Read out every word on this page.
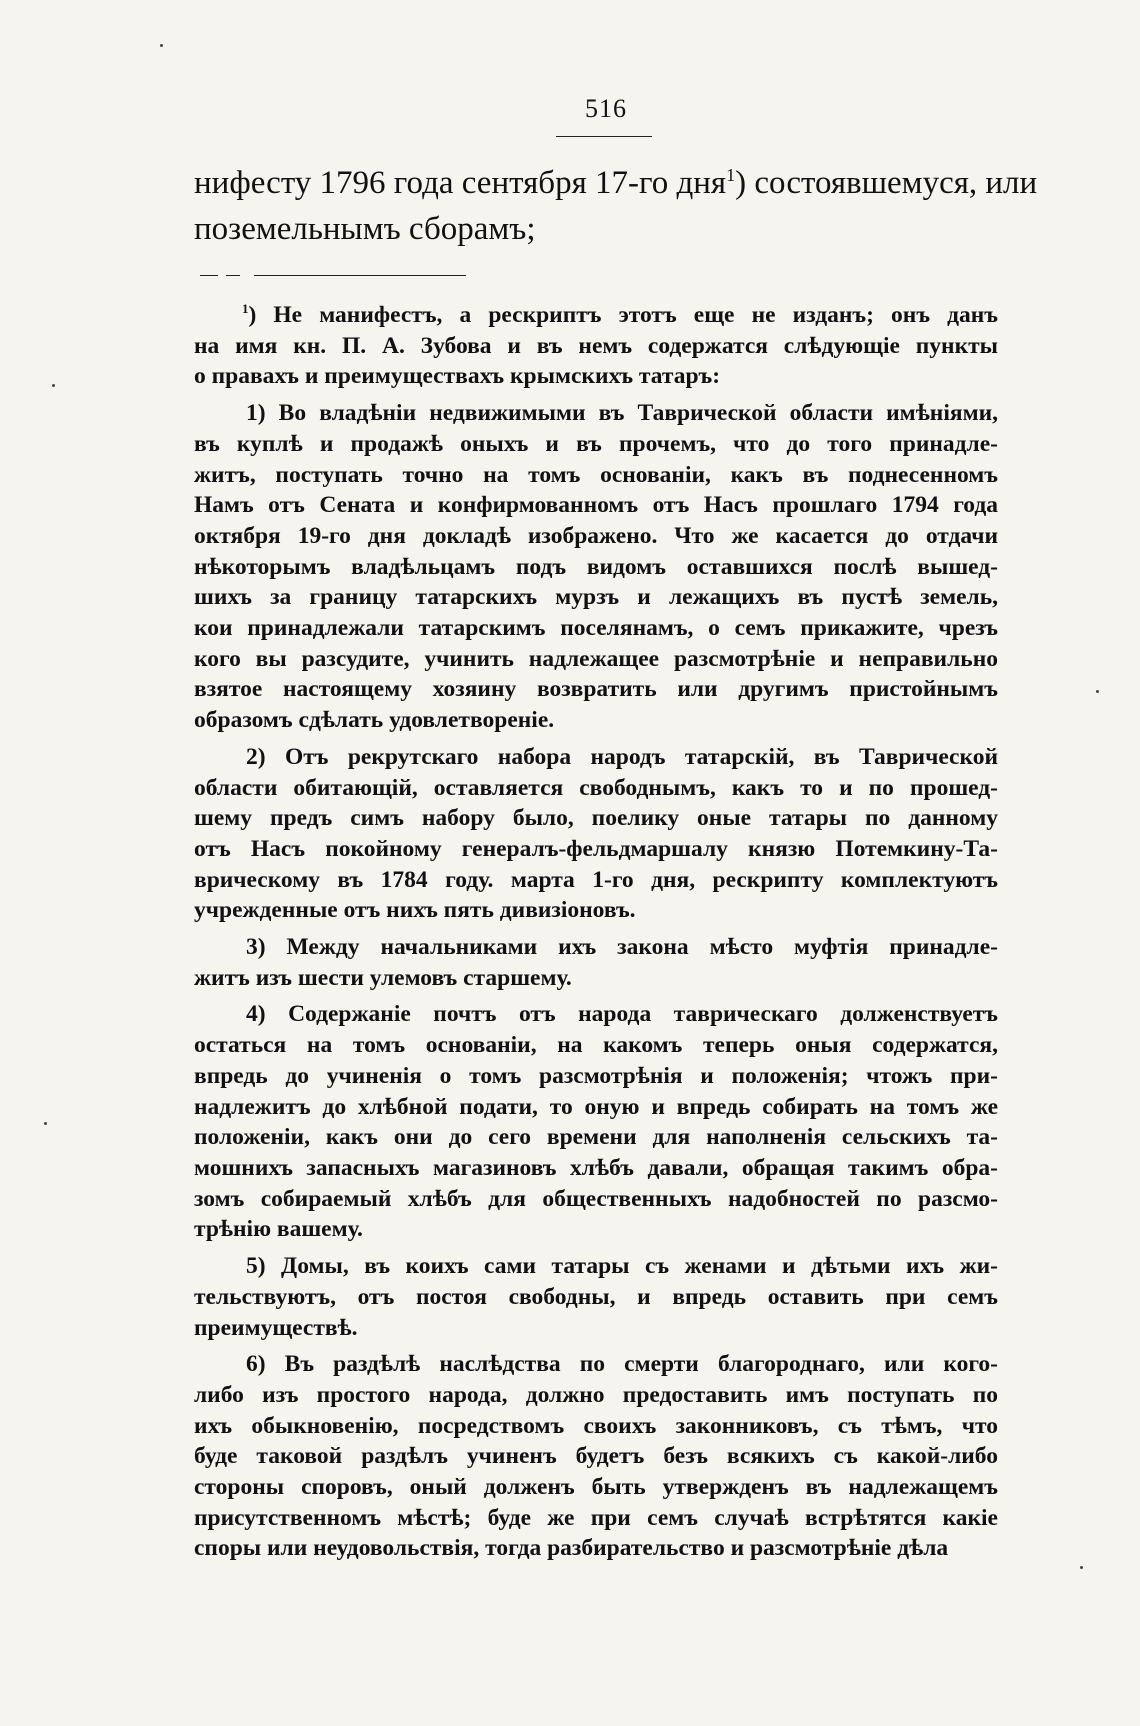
516
нифесту 1796 года сентября 17-го дня$^1$) состоявшемуся, или
поземельнымъ сборамъ;
$^1$) Не манифестъ, а рескриптъ этотъ еще не изданъ; онъ данъ
на имя кн. П. А. Зубова и въ немъ содержатся слѣдующіе пункты
о правахъ и преимуществахъ крымскихъ татаръ:
1) Во владѣніи недвижимыми въ Таврической области имѣніями,
въ куплѣ и продажѣ оныхъ и въ прочемъ, что до того принадле-
житъ, поступать точно на томъ основаніи, какъ въ поднесенномъ
Намъ отъ Сената и конфирмованномъ отъ Насъ прошлаго 1794 года
октября 19-го дня докладѣ изображено. Что же касается до отдачи
нѣкоторымъ владѣльцамъ подъ видомъ оставшихся послѣ вышед-
шихъ за границу татарскихъ мурзъ и лежащихъ въ пустѣ земель,
кои принадлежали татарскимъ поселянамъ, о семъ прикажите, чрезъ
кого вы разсудите, учинить надлежащее разсмотрѣніе и неправильно
взятое настоящему хозяину возвратить или другимъ пристойнымъ
образомъ сдѣлать удовлетвореніе.
2) Отъ рекрутскаго набора народъ татарскій, въ Таврической
области обитающій, оставляется свободнымъ, какъ то и по прошед-
шему предъ симъ набору было, поелику оные татары по данному
отъ Насъ покойному генералъ-фельдмаршалу князю Потемкину-Та-
врическому въ 1784 году. марта 1-го дня, рескрипту комплектуютъ
учрежденные отъ нихъ пять дивизіоновъ.
3) Между начальниками ихъ закона мѣсто муфтія принадле-
житъ изъ шести улемовъ старшему.
4) Содержаніе почтъ отъ народа таврическаго долженствуетъ
остаться на томъ основаніи, на какомъ теперь оныя содержатся,
впредь до учиненія о томъ разсмотрѣнія и положенія; чтожъ при-
надлежитъ до хлѣбной подати, то оную и впредь собирать на томъ же
положеніи, какъ они до сего времени для наполненія сельскихъ та-
мошнихъ запасныхъ магазиновъ хлѣбъ давали, обращая такимъ обра-
зомъ собираемый хлѣбъ для общественныхъ надобностей по разсмо-
трѣнію вашему.
5) Домы, въ коихъ сами татары съ женами и дѣтьми ихъ жи-
тельствуютъ, отъ постоя свободны, и впредь оставить при семъ
преимуществѣ.
6) Въ раздѣлѣ наслѣдства по смерти благороднаго, или кого-
либо изъ простого народа, должно предоставить имъ поступать по
ихъ обыкновенію, посредствомъ своихъ законниковъ, съ тѣмъ, что
буде таковой раздѣлъ учиненъ будетъ безъ всякихъ съ какой-либо
стороны споровъ, оный долженъ быть утвержденъ въ надлежащемъ
присутственномъ мѣстѣ; буде же при семъ случаѣ встрѣтятся какіе
споры или неудовольствія, тогда разбирательство и разсмотрѣніе дѣла
